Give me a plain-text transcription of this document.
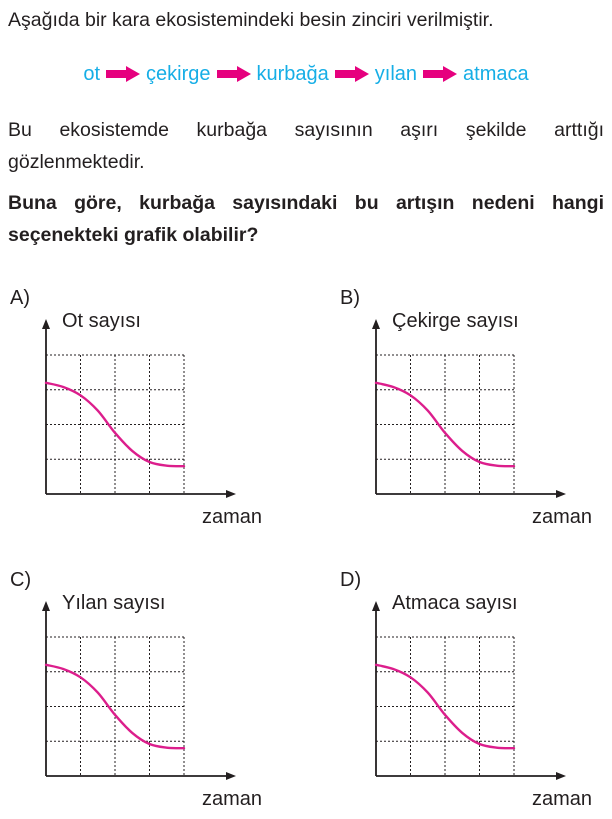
Aşağıda bir kara ekosistemindeki besin zinciri verilmiştir.
ot çekirge kurbağa yılan atmaca
Bu ekosistemde kurbağa sayısının aşırı şekilde arttığı gözlenmektedir.
Buna göre, kurbağa sayısındaki bu artışın nedeni hangi seçenekteki grafik olabilir?
A)
Ot sayısı
zaman
B)
Çekirge sayısı
zaman
C)
Yılan sayısı
zaman
D)
Atmaca sayısı
zaman
